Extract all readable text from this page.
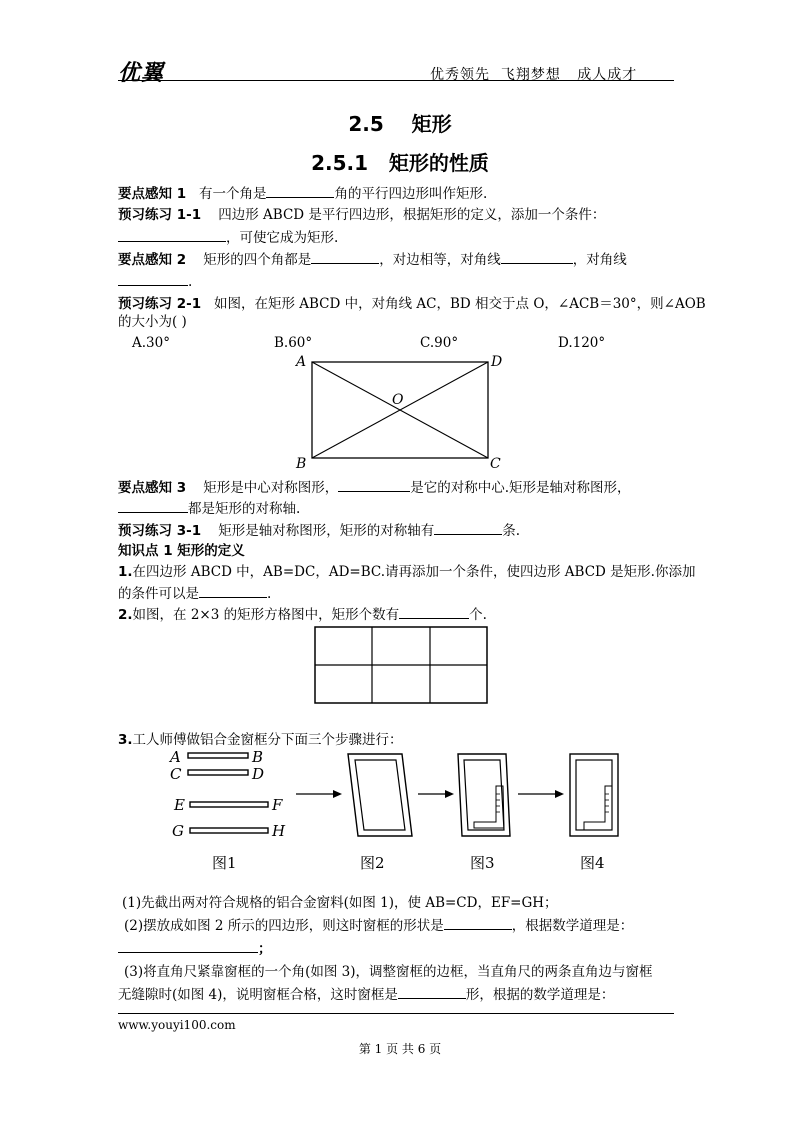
优翼	优秀领先  飞翔梦想   成人成才
2.5    矩形
2.5.1   矩形的性质
要点感知 1 有一个角是	角的平行四边形叫作矩形.
预习练习 1-1 四边形 ABCD 是平行四边形，根据矩形的定义，添加一个条件：
，可使它成为矩形.
要点感知 2 矩形的四个角都是	，对边相等，对角线	，对角线
.
预习练习 2-1 如图，在矩形 ABCD 中，对角线 AC，BD 相交于点 O，∠ACB＝30°，则∠AOB
的大小为( )
A.30°	B.60°	C.90°	D.120°
A	D
B	C
O
要点感知 3 矩形是中心对称图形，	是它的对称中心.矩形是轴对称图形，
都是矩形的对称轴.
预习练习 3-1 矩形是轴对称图形，矩形的对称轴有	条.
知识点 1 矩形的定义
1.在四边形 ABCD 中，AB=DC，AD=BC.请再添加一个条件，使四边形 ABCD 是矩形.你添加
的条件可以是	.
2.如图，在 2×3 的矩形方格图中，矩形个数有	个.
3.工人师傅做铝合金窗框分下面三个步骤进行：
A	B
C	D
E	F
G	H
图1	图2	图3	图4
(1)先截出两对符合规格的铝合金窗料(如图 1)，使 AB=CD，EF=GH；
(2)摆放成如图 2 所示的四边形，则这时窗框的形状是	，根据数学道理是：
；
(3)将直角尺紧靠窗框的一个角(如图 3)，调整窗框的边框，当直角尺的两条直角边与窗框
无缝隙时(如图 4)，说明窗框合格，这时窗框是	形，根据的数学道理是：
www.youyi100.com
第 1 页 共 6 页
